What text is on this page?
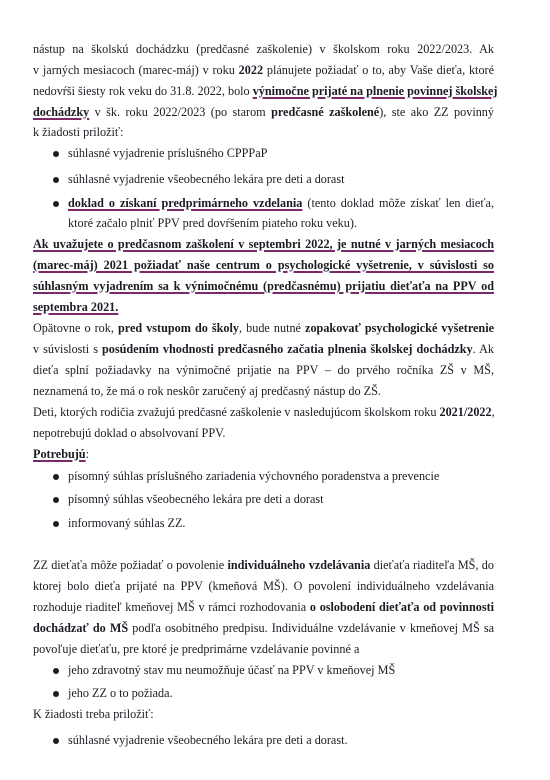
nástup na školskú dochádzku (predčasné zaškolenie) v školskom roku 2022/2023. Ak
v jarných mesiacoch (marec-máj) v roku 2022 plánujete požiadať o to, aby Vaše dieťa, ktoré
nedovŕši šiesty rok veku do 31.8. 2022, bolo výnimočne prijaté na plnenie povinnej školskej
dochádzky v šk. roku 2022/2023 (po starom predčasné zaškolené), ste ako ZZ povinný
k žiadosti priložiť:
súhlasné vyjadrenie príslušného CPPPaP
súhlasné vyjadrenie všeobecného lekára pre deti a dorast
doklad o získaní predprimárneho vzdelania (tento doklad môže získať len dieťa,
ktoré začalo plniť PPV pred dovŕšením piateho roku veku).
Ak uvažujete o predčasnom zaškolení v septembri 2022, je nutné v jarných mesiacoch
(marec-máj) 2021 požiadať naše centrum o psychologické vyšetrenie, v súvislosti so
súhlasným vyjadrením sa k výnimočnému (predčasnému) prijatiu dieťaťa na PPV od
septembra 2021.
Opätovne o rok, pred vstupom do školy, bude nutné zopakovať psychologické vyšetrenie
v súvislosti s posúdením vhodnosti predčasného začatia plnenia školskej dochádzky. Ak
dieťa splní požiadavky na výnimočné prijatie na PPV – do prvého ročníka ZŠ v MŠ,
neznamená to, že má o rok neskôr zaručený aj predčasný nástup do ZŠ.
Deti, ktorých rodičia zvažujú predčasné zaškolenie v nasledujúcom školskom roku 2021/2022,
nepotrebujú doklad o absolvovaní PPV.
Potrebujú:
písomný súhlas príslušného zariadenia výchovného poradenstva a prevencie
písomný súhlas všeobecného lekára pre deti a dorast
informovaný súhlas ZZ.
ZZ dieťaťa môže požiadať o povolenie individuálneho vzdelávania dieťaťa riaditeľa MŠ, do
ktorej bolo dieťa prijaté na PPV (kmeňová MŠ). O povolení individuálneho vzdelávania
rozhoduje riaditeľ kmeňovej MŠ v rámci rozhodovania o oslobodení dieťaťa od povinnosti
dochádzať do MŠ podľa osobitného predpisu. Individuálne vzdelávanie v kmeňovej MŠ sa
povoľuje dieťaťu, pre ktoré je predprimárne vzdelávanie povinné a
jeho zdravotný stav mu neumožňuje účasť na PPV v kmeňovej MŠ
jeho ZZ o to požiada.
K žiadosti treba priložiť:
súhlasné vyjadrenie všeobecného lekára pre deti a dorast.
